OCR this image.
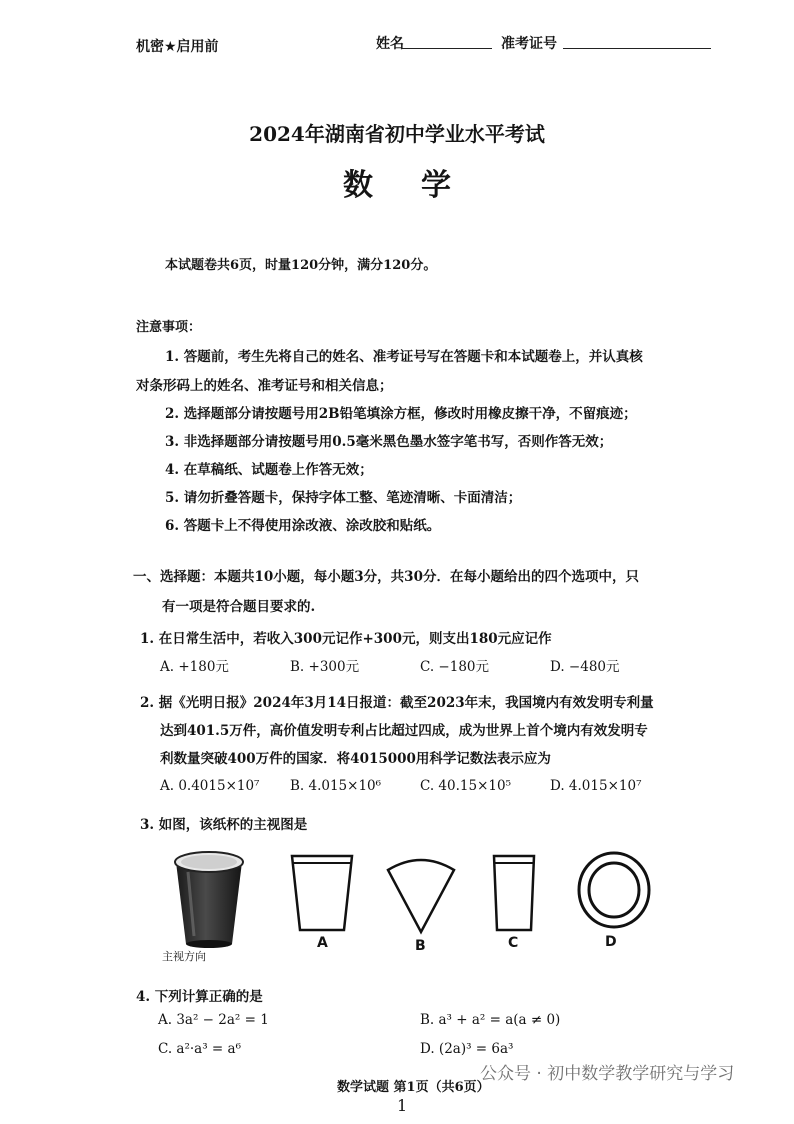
机密★启用前	姓名	准考证号
2024年湖南省初中学业水平考试
数学
本试题卷共6页，时量120分钟，满分120分。
注意事项：
1. 答题前，考生先将自己的姓名、准考证号写在答题卡和本试题卷上，并认真核
对条形码上的姓名、准考证号和相关信息；
2. 选择题部分请按题号用2B铅笔填涂方框，修改时用橡皮擦干净，不留痕迹；
3. 非选择题部分请按题号用0.5毫米黑色墨水签字笔书写，否则作答无效；
4. 在草稿纸、试题卷上作答无效；
5. 请勿折叠答题卡，保持字体工整、笔迹清晰、卡面清洁；
6. 答题卡上不得使用涂改液、涂改胶和贴纸。
一、选择题：本题共10小题，每小题3分，共30分．在每小题给出的四个选项中，只
有一项是符合题目要求的.
1. 在日常生活中，若收入300元记作+300元，则支出180元应记作
A. +180元	B. +300元	C. −180元	D. −480元
2. 据《光明日报》2024年3月14日报道：截至2023年末，我国境内有效发明专利量
达到401.5万件，高价值发明专利占比超过四成，成为世界上首个境内有效发明专
利数量突破400万件的国家．将4015000用科学记数法表示应为
A. 0.4015×10⁷ B. 4.015×10⁶	C. 40.15×10⁵	D. 4.015×10⁷
3. 如图，该纸杯的主视图是
主视方向
A	B	C	D
4. 下列计算正确的是
A. 3a² − 2a² = 1	B. a³ + a² = a(a ≠ 0)
C. a²·a³ = a⁶	D. (2a)³ = 6a³
公众号 · 初中数学教学研究与学习
数学试题 第1页（共6页）
1
